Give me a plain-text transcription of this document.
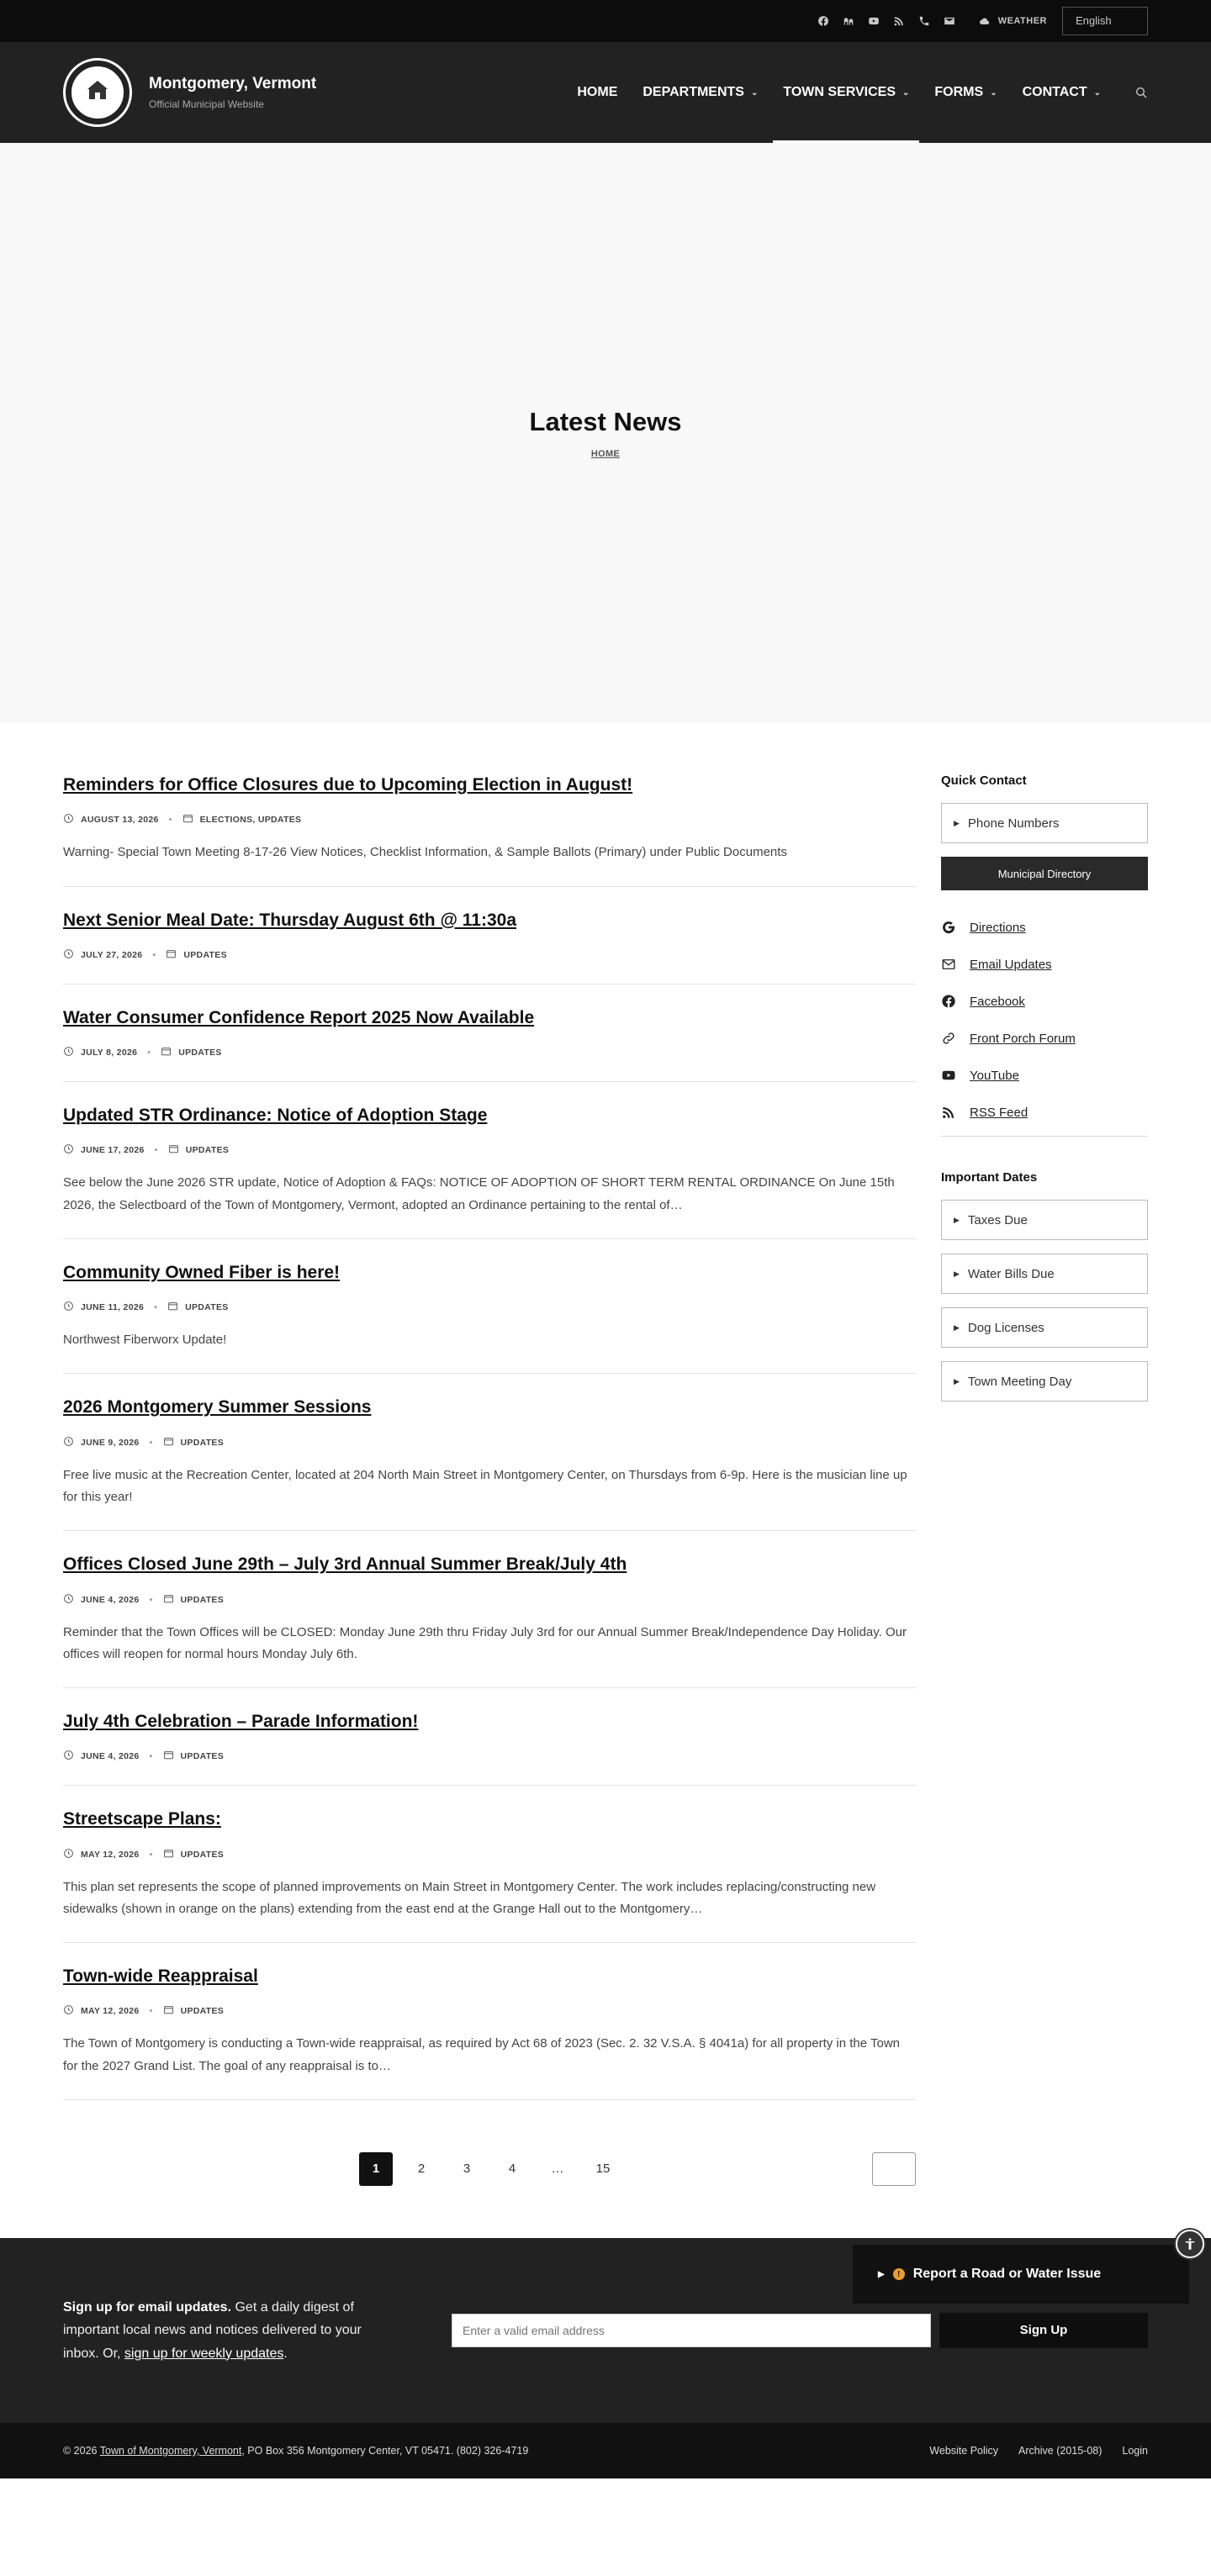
WEATHER	English
Montgomery, Vermont
Official Municipal Website
HOME DEPARTMENTS ⌄ TOWN SERVICES ⌄ FORMS ⌄ CONTACT ⌄
Latest News
HOME
Reminders for Office Closures due to Upcoming Election in August!
AUGUST 13, 2026 •	ELECTIONS, UPDATES

Warning- Special Town Meeting 8-17-26 View Notices, Checklist Information, & Sample Ballots (Primary) under Public Documents

Next Senior Meal Date: Thursday August 6th @ 11:30a
JULY 27, 2026 •	UPDATES
Water Consumer Confidence Report 2025 Now Available
JULY 8, 2026 •	UPDATES
Updated STR Ordinance: Notice of Adoption Stage
JUNE 17, 2026 •	UPDATES

See below the June 2026 STR update, Notice of Adoption & FAQs: NOTICE OF ADOPTION OF SHORT TERM RENTAL ORDINANCE On June 15th 2026, the Selectboard of the Town of Montgomery, Vermont, adopted an Ordinance pertaining to the rental of…

Community Owned Fiber is here!
JUNE 11, 2026 •	UPDATES

Northwest Fiberworx Update!

2026 Montgomery Summer Sessions
JUNE 9, 2026 •	UPDATES

Free live music at the Recreation Center, located at 204 North Main Street in Montgomery Center, on Thursdays from 6-9p. Here is the musician line up for this year!

Offices Closed June 29th – July 3rd Annual Summer Break/July 4th
JUNE 4, 2026 •	UPDATES

Reminder that the Town Offices will be CLOSED: Monday June 29th thru Friday July 3rd for our Annual Summer Break/Independence Day Holiday. Our offices will reopen for normal hours Monday July 6th.

July 4th Celebration – Parade Information!
JUNE 4, 2026 •	UPDATES
Streetscape Plans:
MAY 12, 2026 •	UPDATES

This plan set represents the scope of planned improvements on Main Street in Montgomery Center. The work includes replacing/constructing new sidewalks (shown in orange on the plans) extending from the east end at the Grange Hall out to the Montgomery…

Town-wide Reappraisal
MAY 12, 2026 •	UPDATES

The Town of Montgomery is conducting a Town-wide reappraisal, as required by Act 68 of 2023 (Sec. 2. 32 V.S.A. § 4041a) for all property in the Town for the 2027 Grand List. The goal of any reappraisal is to…

Quick Contact
▶ Phone Numbers
Municipal Directory
Directions
Email Updates
Facebook
Front Porch Forum
YouTube
RSS Feed
Important Dates
▶ Taxes Due
▶ Water Bills Due
▶ Dog Licenses
▶ Town Meeting Day
1	2	3	4	…	15
▶	! Report a Road or Water Issue
Sign up for email updates. Get a daily digest of important local news and notices delivered to your inbox. Or, sign up for weekly updates.
Enter a valid email address
Sign Up
© 2026 Town of Montgomery, Vermont, PO Box 356 Montgomery Center, VT 05471. (802) 326-4719	Website Policy Archive (2015-08) Login
